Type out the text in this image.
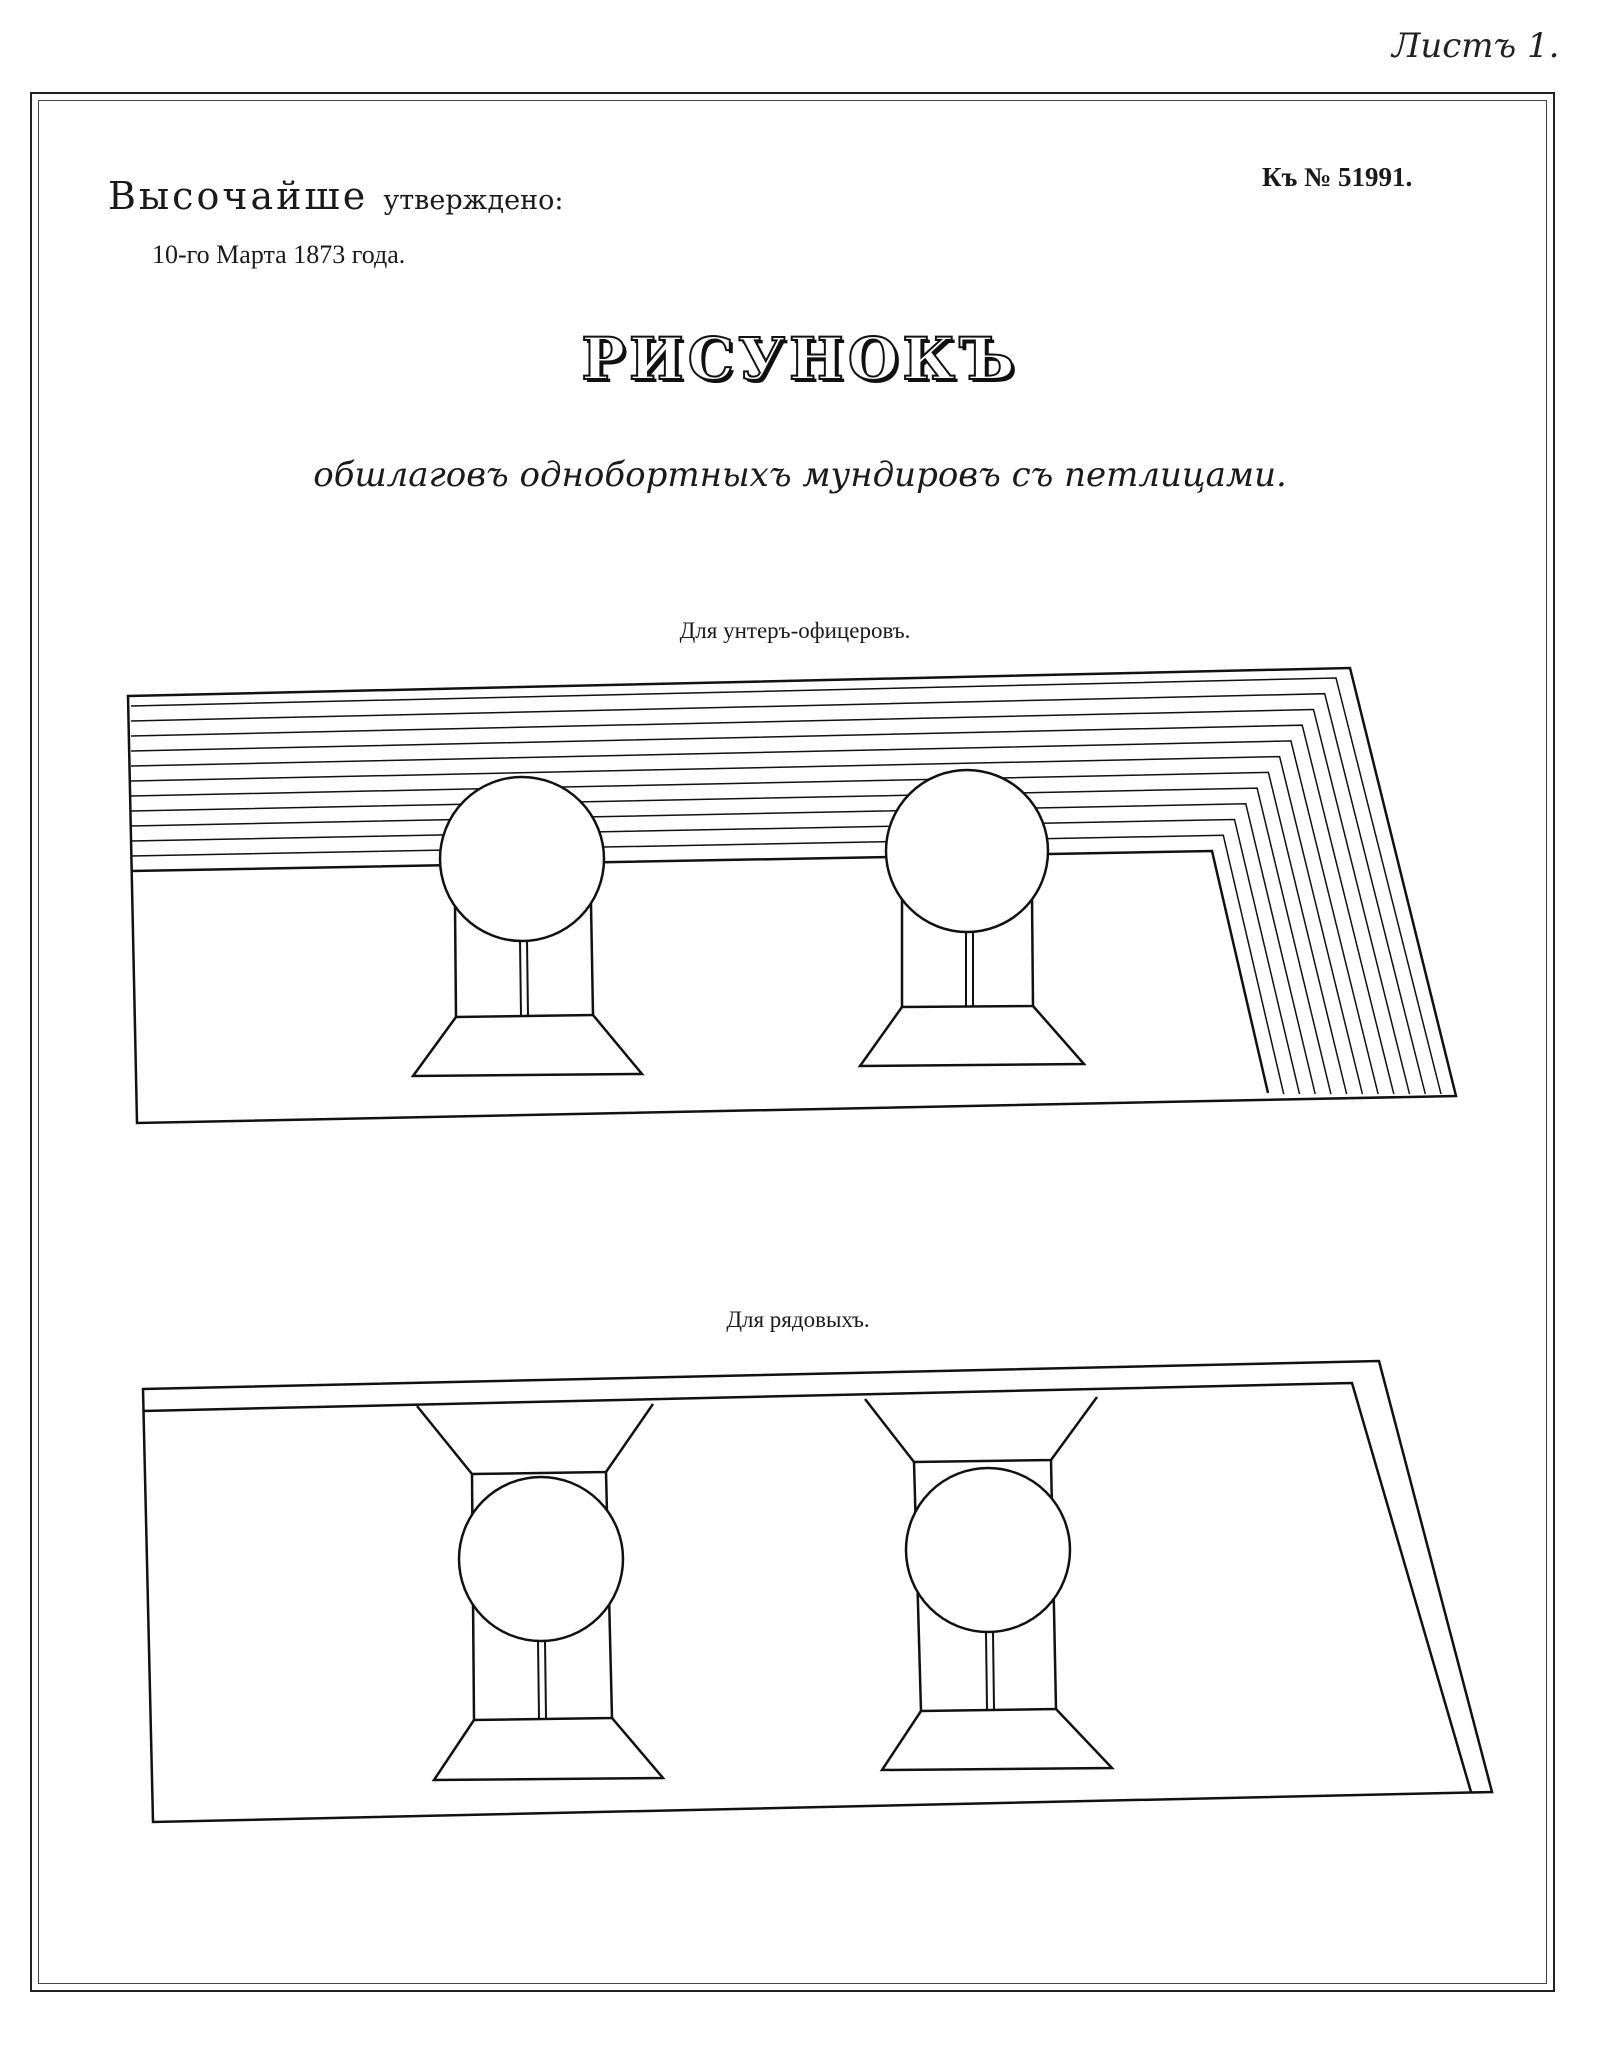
Листъ 1.
Высочайше утверждено:
10-го Марта 1873 года.
Къ № 51991.
РИСУНОКЪ
обшлаговъ однобортныхъ мундировъ съ петлицами.
Для унтеръ-офицеровъ.
Для рядовыхъ.
